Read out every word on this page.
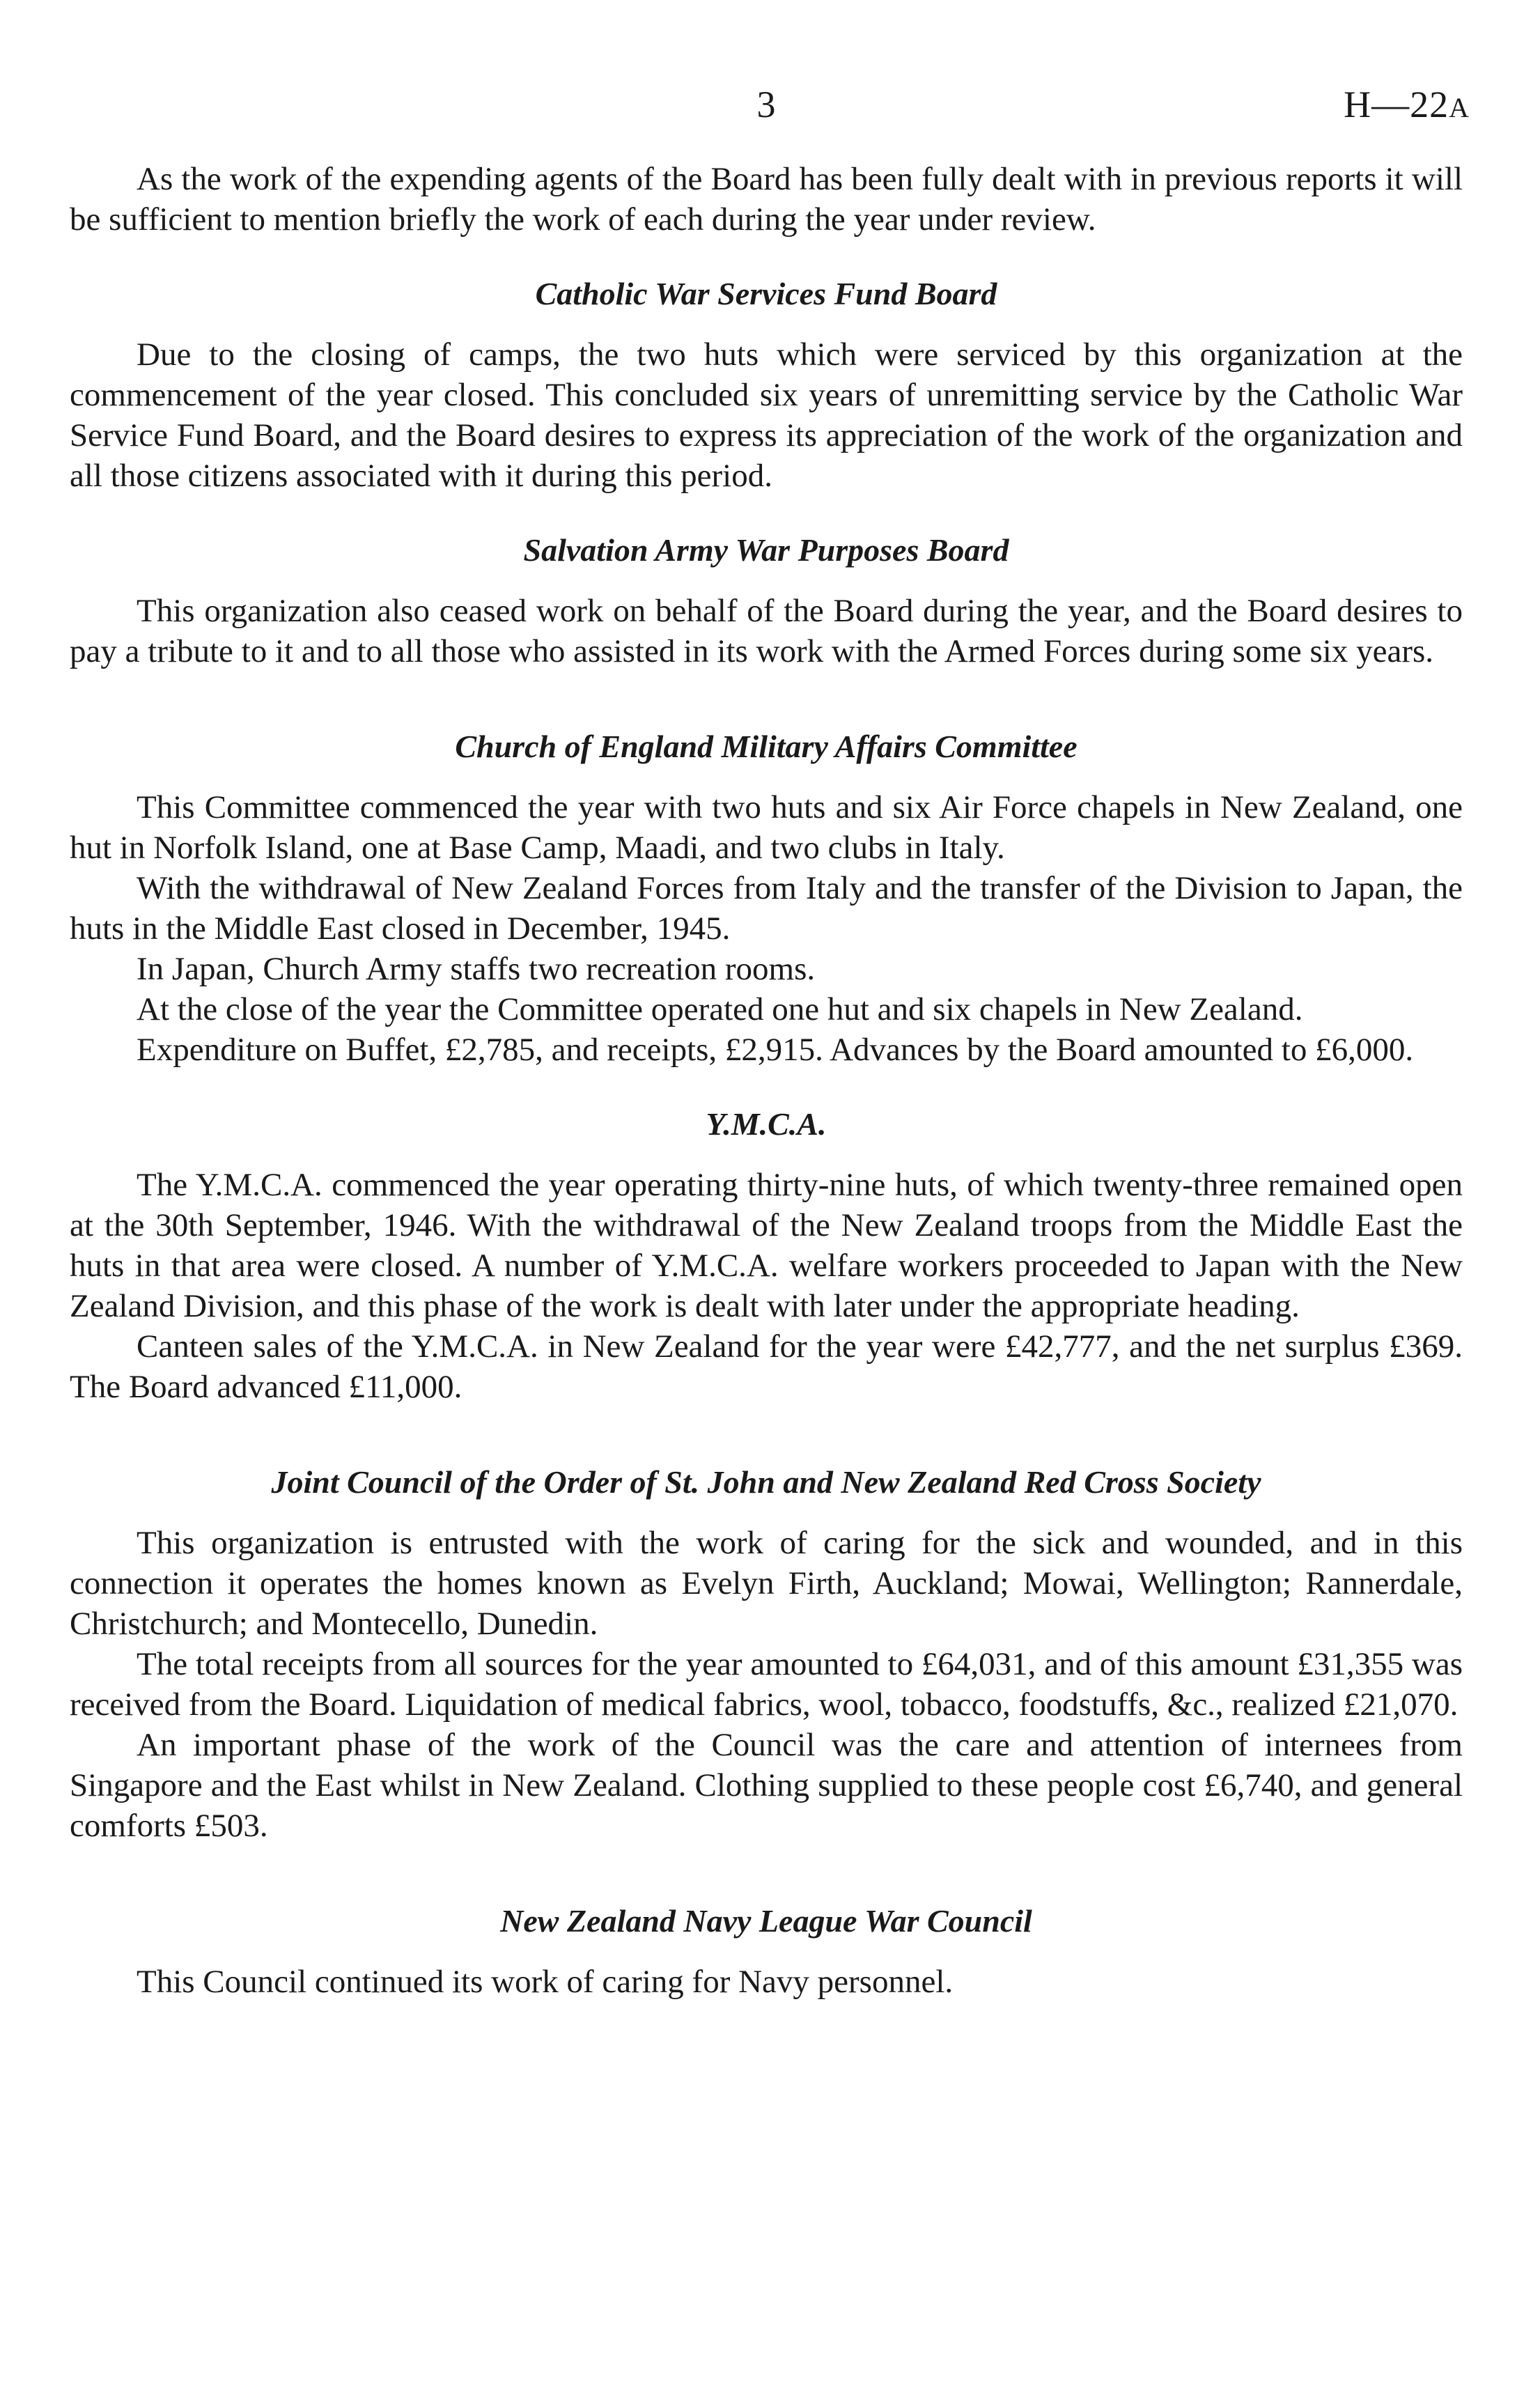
3	H—22A

As the work of the expending agents of the Board has been fully dealt with in previous reports it will be sufficient to mention briefly the work of each during the year under review.

Catholic War Services Fund Board

Due to the closing of camps, the two huts which were serviced by this organization at the commencement of the year closed. This concluded six years of unremitting service by the Catholic War Service Fund Board, and the Board desires to express its appreciation of the work of the organization and all those citizens associated with it during this period.

Salvation Army War Purposes Board

This organization also ceased work on behalf of the Board during the year, and the Board desires to pay a tribute to it and to all those who assisted in its work with the Armed Forces during some six years.

Church of England Military Affairs Committee

This Committee commenced the year with two huts and six Air Force chapels in New Zealand, one hut in Norfolk Island, one at Base Camp, Maadi, and two clubs in Italy.

With the withdrawal of New Zealand Forces from Italy and the transfer of the Division to Japan, the huts in the Middle East closed in December, 1945.

In Japan, Church Army staffs two recreation rooms.

At the close of the year the Committee operated one hut and six chapels in New Zealand.

Expenditure on Buffet, £2,785, and receipts, £2,915. Advances by the Board amounted to £6,000.

Y.M.C.A.

The Y.M.C.A. commenced the year operating thirty-nine huts, of which twenty-three remained open at the 30th September, 1946. With the withdrawal of the New Zealand troops from the Middle East the huts in that area were closed. A number of Y.M.C.A. welfare workers proceeded to Japan with the New Zealand Division, and this phase of the work is dealt with later under the appropriate heading.

Canteen sales of the Y.M.C.A. in New Zealand for the year were £42,777, and the net surplus £369. The Board advanced £11,000.

Joint Council of the Order of St. John and New Zealand Red Cross Society

This organization is entrusted with the work of caring for the sick and wounded, and in this connection it operates the homes known as Evelyn Firth, Auckland; Mowai, Wellington; Rannerdale, Christchurch; and Montecello, Dunedin.

The total receipts from all sources for the year amounted to £64,031, and of this amount £31,355 was received from the Board. Liquidation of medical fabrics, wool, tobacco, foodstuffs, &c., realized £21,070.

An important phase of the work of the Council was the care and attention of internees from Singapore and the East whilst in New Zealand. Clothing supplied to these people cost £6,740, and general comforts £503.

New Zealand Navy League War Council

This Council continued its work of caring for Navy personnel.
